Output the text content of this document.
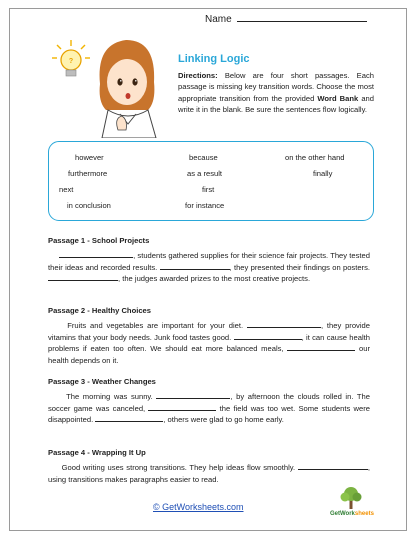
Name
?	Linking Logic
Directions: Below are four short passages. Each passage is missing key transition words. Choose the most appropriate transition from the provided Word Bank and write it in the blank. Be sure the sentences flow logically.
however	because	on the other hand
furthermore	as a result	finally
next	first
in conclusion	for instance
Passage 1 - School Projects
, students gathered supplies for their science fair projects. They tested their ideas and recorded results.	, they presented their findings on posters. , the judges awarded prizes to the most creative projects.
Passage 2 - Healthy Choices
Fruits and vegetables are important for your diet.	, they provide vitamins that your body needs. Junk food tastes good.	, it can cause health problems if eaten too often. We should eat more balanced meals,	our health depends on it.
Passage 3 - Weather Changes
The morning was sunny.	, by afternoon the clouds rolled in. The soccer game was canceled,	the field was too wet. Some students were disappointed.	, others were glad to go home early.
Passage 4 - Wrapping It Up
Good writing uses strong transitions. They help ideas flow smoothly.	, using transitions makes paragraphs easier to read.
© GetWorksheets.com
GetWorksheets
